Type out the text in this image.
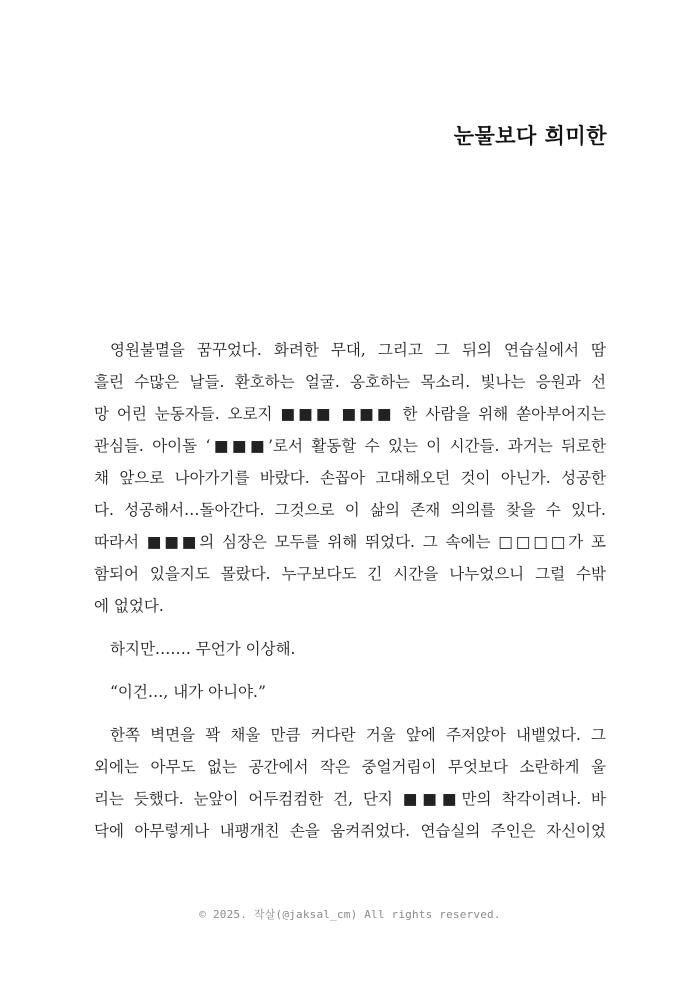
눈물보다 희미한

영원불멸을 꿈꾸었다. 화려한 무대, 그리고 그 뒤의 연습실에서 땀
흘린 수많은 날들. 환호하는 얼굴. 옹호하는 목소리. 빛나는 응원과 선
망 어린 눈동자들. 오로지 ■■■ ■■■ 한 사람을 위해 쏟아부어지는
관심들. 아이돌 ‘■■■’로서 활동할 수 있는 이 시간들. 과거는 뒤로한
채 앞으로 나아가기를 바랐다. 손꼽아 고대해오던 것이 아닌가. 성공한
다. 성공해서…돌아간다. 그것으로 이 삶의 존재 의의를 찾을 수 있다.
따라서 ■■■의 심장은 모두를 위해 뛰었다. 그 속에는 □□□□가 포
함되어 있을지도 몰랐다. 누구보다도 긴 시간을 나누었으니 그럴 수밖
에 없었다.

하지만……. 무언가 이상해.

“이건…, 내가 아니야.”

한쪽 벽면을 꽉 채울 만큼 커다란 거울 앞에 주저앉아 내뱉었다. 그
외에는 아무도 없는 공간에서 작은 중얼거림이 무엇보다 소란하게 울
리는 듯했다. 눈앞이 어두컴컴한 건, 단지 ■■■만의 착각이려나. 바
닥에 아무렇게나 내팽개친 손을 움켜쥐었다. 연습실의 주인은 자신이었

© 2025. 작살(@jaksal_cm) All rights reserved.
